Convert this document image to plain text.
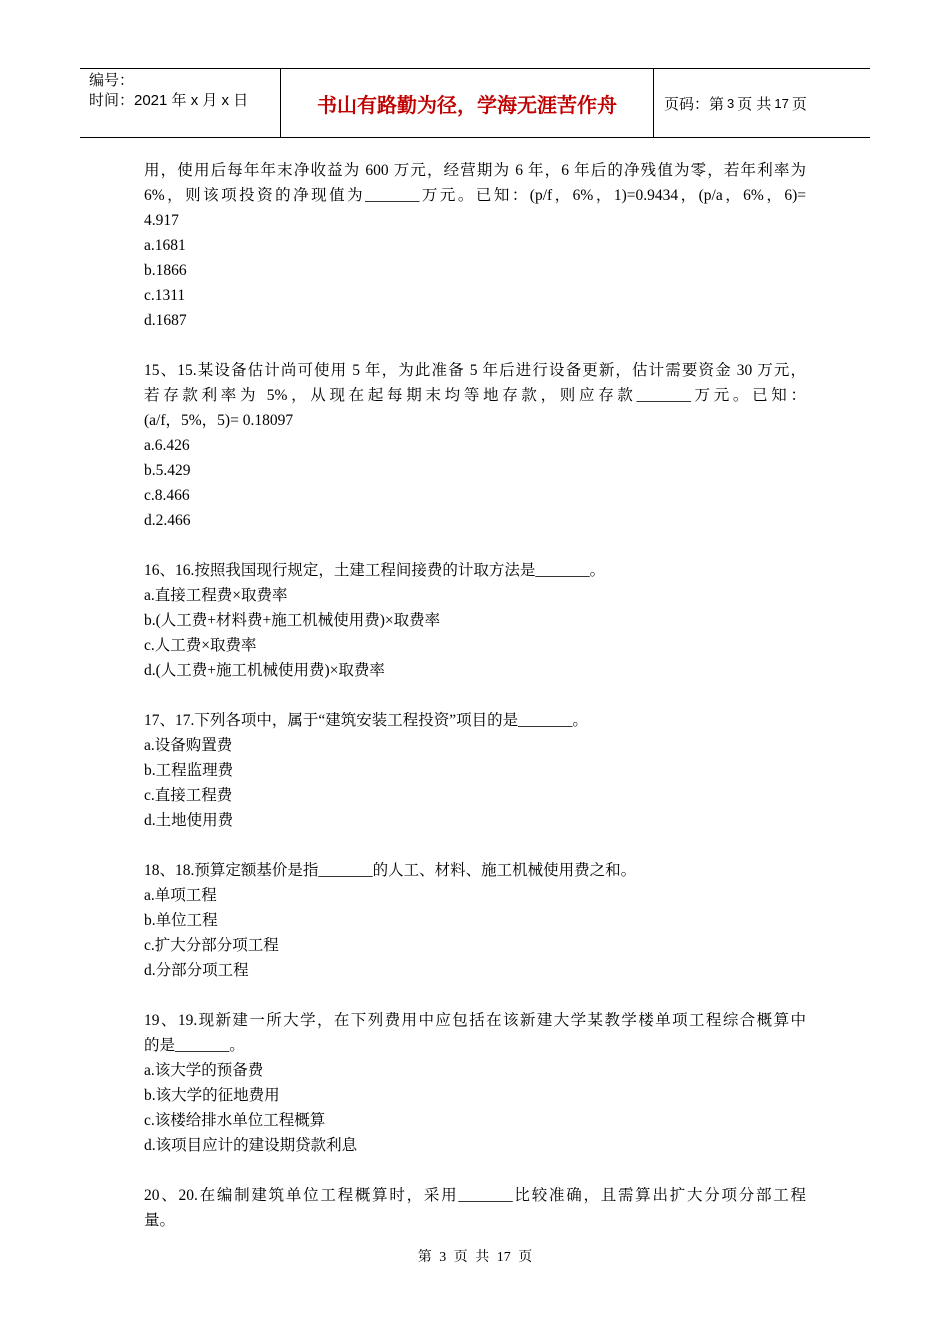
编号：
时间：2021 年 x 月 x 日	书山有路勤为径，学海无涯苦作舟	页码：第 3 页 共 17 页

用，使用后每年年末净收益为 600 万元，经营期为 6 年，6 年后的净残值为零，若年利率为

6%，则该项投资的净现值为_______万元。已知：(p/f，6%，1)=0.9434，(p/a，6%，6)=

4.917

a.1681

b.1866

c.1311

d.1687

15、15.某设备估计尚可使用 5 年，为此准备 5 年后进行设备更新，估计需要资金 30 万元，

若存款利率为 5%，从现在起每期末均等地存款，则应存款_______万元。已知：

(a/f，5%，5)= 0.18097

a.6.426

b.5.429

c.8.466

d.2.466

16、16.按照我国现行规定，土建工程间接费的计取方法是_______。

a.直接工程费×取费率

b.(人工费+材料费+施工机械使用费)×取费率

c.人工费×取费率

d.(人工费+施工机械使用费)×取费率

17、17.下列各项中，属于“建筑安装工程投资”项目的是_______。

a.设备购置费

b.工程监理费

c.直接工程费

d.土地使用费

18、18.预算定额基价是指_______的人工、材料、施工机械使用费之和。

a.单项工程

b.单位工程

c.扩大分部分项工程

d.分部分项工程

19、19.现新建一所大学，在下列费用中应包括在该新建大学某教学楼单项工程综合概算中

的是_______。

a.该大学的预备费

b.该大学的征地费用

c.该楼给排水单位工程概算

d.该项目应计的建设期贷款利息

20、20.在编制建筑单位工程概算时，采用_______比较准确，且需算出扩大分项分部工程

量。

第 3 页 共 17 页
